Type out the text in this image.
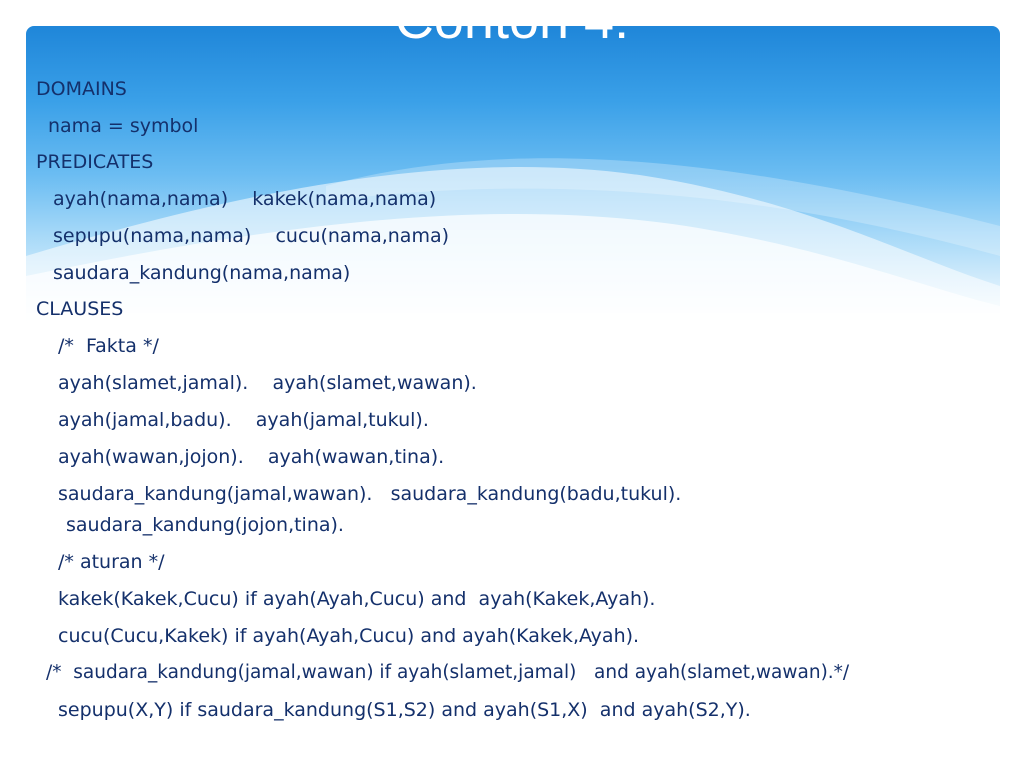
Contoh 4:

DOMAINS

nama = symbol

PREDICATES

ayah(nama,nama)    kakek(nama,nama)

sepupu(nama,nama)    cucu(nama,nama)

saudara_kandung(nama,nama)

CLAUSES

/*  Fakta */

ayah(slamet,jamal).    ayah(slamet,wawan).

ayah(jamal,badu).    ayah(jamal,tukul).

ayah(wawan,jojon).    ayah(wawan,tina).

saudara_kandung(jamal,wawan).   saudara_kandung(badu,tukul).

saudara_kandung(jojon,tina).

/* aturan */

kakek(Kakek,Cucu) if ayah(Ayah,Cucu) and  ayah(Kakek,Ayah).

cucu(Cucu,Kakek) if ayah(Ayah,Cucu) and ayah(Kakek,Ayah).

/*  saudara_kandung(jamal,wawan) if ayah(slamet,jamal)   and ayah(slamet,wawan).*/

sepupu(X,Y) if saudara_kandung(S1,S2) and ayah(S1,X)  and ayah(S2,Y).
